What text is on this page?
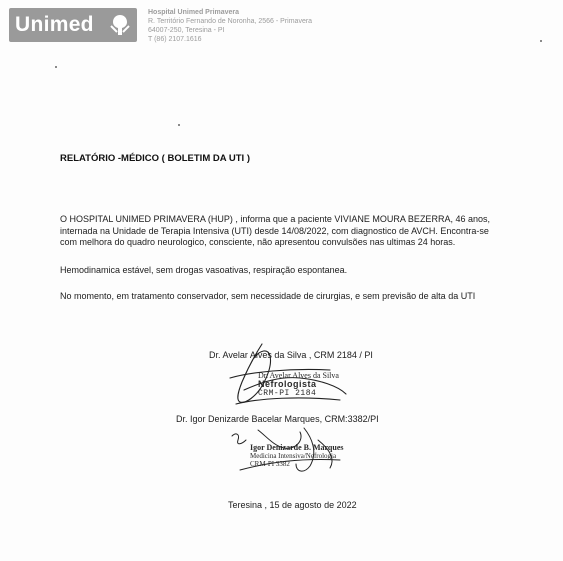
Unimed
Hospital Unimed Primavera
R. Território Fernando de Noronha, 2566 - Primavera
64007-250, Teresina - PI
T (86) 2107.1616
RELATÓRIO -MÉDICO ( BOLETIM DA UTI )
O HOSPITAL UNIMED PRIMAVERA (HUP) , informa que a paciente VIVIANE MOURA BEZERRA, 46 anos,
internada na Unidade de Terapia Intensiva (UTI) desde 14/08/2022, com diagnostico de AVCH. Encontra-se
com melhora do quadro neurologico, consciente, não apresentou convulsões nas ultimas 24 horas.
Hemodinamica estável, sem drogas vasoativas, respiração espontanea.
No momento, em tratamento conservador, sem necessidade de cirurgias, e sem previsão de alta da UTI
Dr. Avelar Alves da Silva , CRM 2184 / PI
Dr. Avelar Alves da Silva
Nefrologista
CRM-PI 2184
Dr. Igor Denizarde Bacelar Marques, CRM:3382/PI
Igor Denizarde B. Marques
Medicina Intensiva/Nefrologia
CRM-PI 3382
Teresina , 15 de agosto de 2022
